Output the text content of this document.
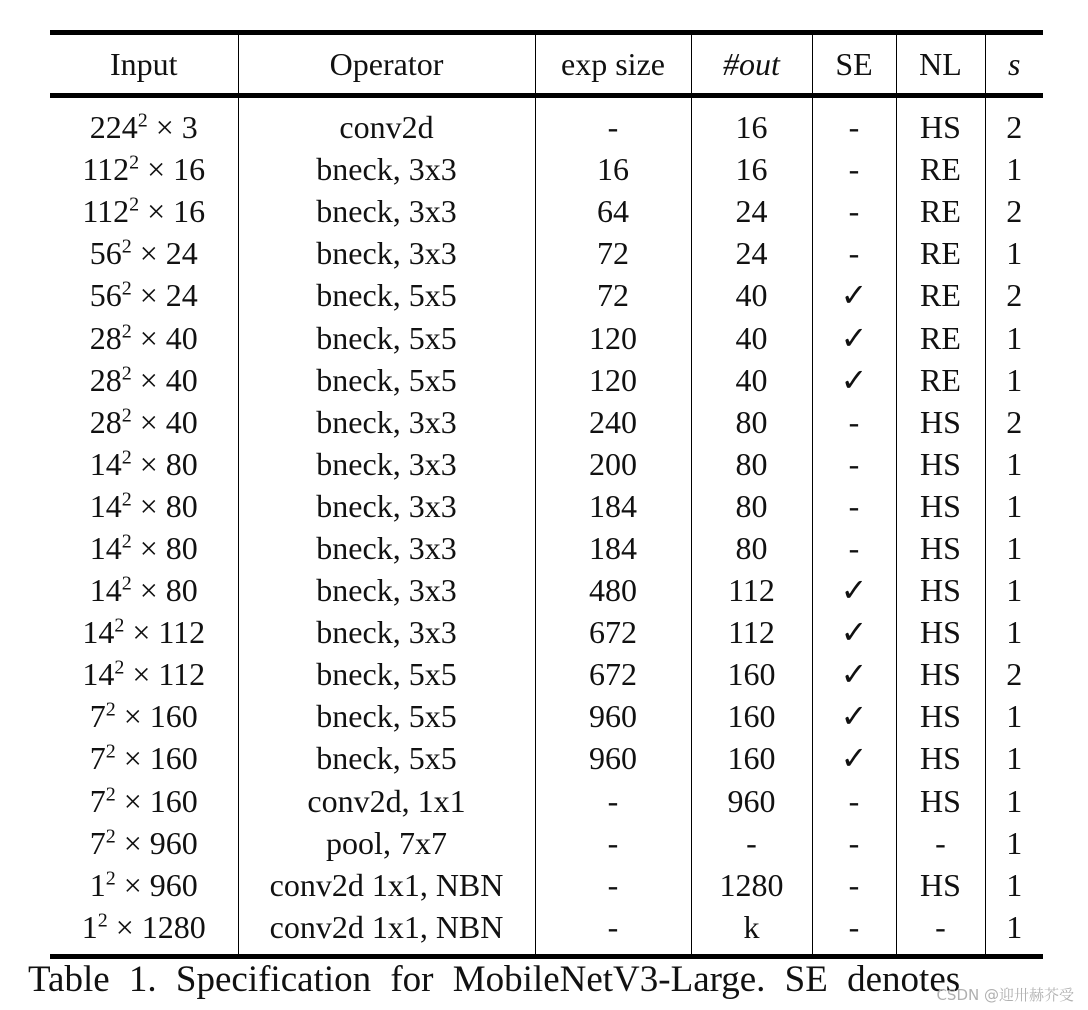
Input	Operator	exp size	#out	SE	NL	s
$224^2 \times 3$	conv2d	-	16	-	HS	2
$112^2 \times 16$	bneck, 3x3	16	16	-	RE	1
$112^2 \times 16$	bneck, 3x3	64	24	-	RE	2
$56^2 \times 24$	bneck, 3x3	72	24	-	RE	1
$56^2 \times 24$	bneck, 5x5	72	40	✓	RE	2
$28^2 \times 40$	bneck, 5x5	120	40	✓	RE	1
$28^2 \times 40$	bneck, 5x5	120	40	✓	RE	1
$28^2 \times 40$	bneck, 3x3	240	80	-	HS	2
$14^2 \times 80$	bneck, 3x3	200	80	-	HS	1
$14^2 \times 80$	bneck, 3x3	184	80	-	HS	1
$14^2 \times 80$	bneck, 3x3	184	80	-	HS	1
$14^2 \times 80$	bneck, 3x3	480	112	✓	HS	1
$14^2 \times 112$	bneck, 3x3	672	112	✓	HS	1
$14^2 \times 112$	bneck, 5x5	672	160	✓	HS	2
$7^2 \times 160$	bneck, 5x5	960	160	✓	HS	1
$7^2 \times 160$	bneck, 5x5	960	160	✓	HS	1
$7^2 \times 160$	conv2d, 1x1	-	960	-	HS	1
$7^2 \times 960$	pool, 7x7	-	-	-	-	1
$1^2 \times 960$	conv2d 1x1, NBN	-	1280	-	HS	1
$1^2 \times 1280$	conv2d 1x1, NBN	-	k	-	-	1
Table 1. Specification for MobileNetV3-Large. SE denotes
CSDN @迎卅赫芥受
